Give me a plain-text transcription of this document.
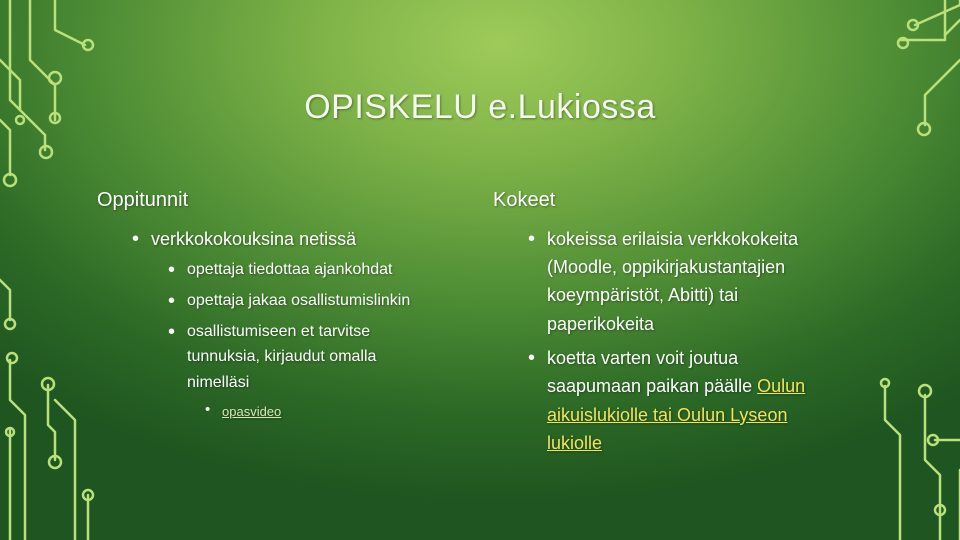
OPISKELU e.Lukiossa
Oppitunnit
• verkkokokouksina netissä
• opettaja tiedottaa ajankohdat
• opettaja jakaa osallistumislinkin
• osallistumiseen et tarvitse
tunnuksia, kirjaudut omalla
nimelläsi
• opasvideo
Kokeet
• kokeissa erilaisia verkkokokeita
(Moodle, oppikirjakustantajien
koeympäristöt, Abitti) tai
paperikokeita
• koetta varten voit joutua
saapumaan paikan päälle Oulun
aikuislukiolle tai Oulun Lyseon
lukiolle
